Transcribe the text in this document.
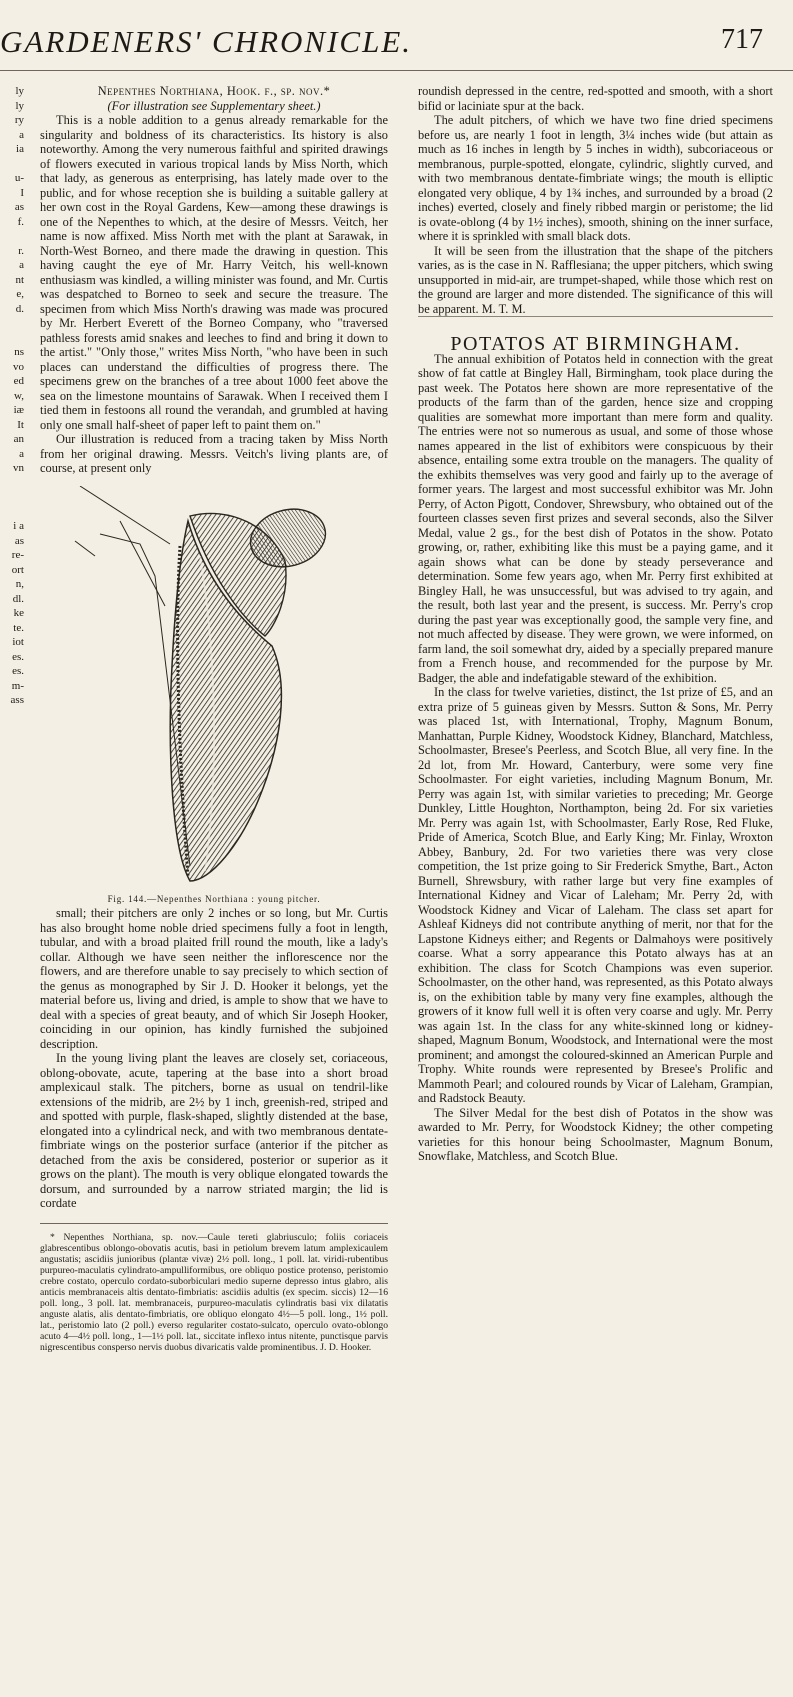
GARDENERS' CHRONICLE.	717
ly
ly
ry
a
ia

u-
I
as
f.

r.
a
nt
e,
d.

ns
vo
ed
w,
iæ
It
an
a
vn

i a
as
re-
ort
n,
dl.
ke
te.
iot
es.
es.
m-
ass

Nepenthes Northiana, Hook. f., sp. nov.*

(For illustration see Supplementary sheet.)

This is a noble addition to a genus already remarkable for the singularity and boldness of its characteristics. Its history is also noteworthy. Among the very numerous faithful and spirited drawings of flowers executed in various tropical lands by Miss North, which that lady, as generous as enterprising, has lately made over to the public, and for whose reception she is building a suitable gallery at her own cost in the Royal Gardens, Kew—among these drawings is one of the Nepenthes to which, at the desire of Messrs. Veitch, her name is now affixed. Miss North met with the plant at Sarawak, in North-West Borneo, and there made the drawing in question. This having caught the eye of Mr. Harry Veitch, his well-known enthusiasm was kindled, a willing minister was found, and Mr. Curtis was despatched to Borneo to seek and secure the treasure. The specimen from which Miss North's drawing was made was procured by Mr. Herbert Everett of the Borneo Company, who "traversed pathless forests amid snakes and leeches to find and bring it down to the artist." "Only those," writes Miss North, "who have been in such places can understand the difficulties of progress there. The specimens grew on the branches of a tree about 1000 feet above the sea on the limestone mountains of Sarawak. When I received them I tied them in festoons all round the verandah, and grumbled at having only one small half-sheet of paper left to paint them on."

Our illustration is reduced from a tracing taken by Miss North from her original drawing. Messrs. Veitch's living plants are, of course, at present only

Fig. 144.—Nepenthes Northiana : young pitcher.

small; their pitchers are only 2 inches or so long, but Mr. Curtis has also brought home noble dried specimens fully a foot in length, tubular, and with a broad plaited frill round the mouth, like a lady's collar. Although we have seen neither the inflorescence nor the flowers, and are therefore unable to say precisely to which section of the genus as monographed by Sir J. D. Hooker it belongs, yet the material before us, living and dried, is ample to show that we have to deal with a species of great beauty, and of which Sir Joseph Hooker, coinciding in our opinion, has kindly furnished the subjoined description.

In the young living plant the leaves are closely set, coriaceous, oblong-obovate, acute, tapering at the base into a short broad amplexicaul stalk. The pitchers, borne as usual on tendril-like extensions of the midrib, are 2½ by 1 inch, greenish-red, striped and and spotted with purple, flask-shaped, slightly distended at the base, elongated into a cylindrical neck, and with two membranous dentate-fimbriate wings on the posterior surface (anterior if the pitcher as detached from the axis be considered, posterior or superior as it grows on the plant). The mouth is very oblique elongated towards the dorsum, and surrounded by a narrow striated margin; the lid is cordate

* Nepenthes Northiana, sp. nov.—Caule tereti glabriusculo; foliis coriaceis glabrescentibus oblongo-obovatis acutis, basi in petiolum brevem latum amplexicaulem angustatis; ascidiis junioribus (plantæ vivæ) 2½ poll. long., 1 poll. lat. viridi-rubentibus purpureo-maculatis cylindrato-ampulliformibus, ore obliquo postice protenso, peristomio crebre costato, operculo cordato-suborbiculari medio superne depresso intus glabro, alis anticis membranaceis altis dentato-fimbriatis: ascidiis adultis (ex specim. siccis) 12—16 poll. long., 3 poll. lat. membranaceis, purpureo-maculatis cylindratis basi vix dilatatis anguste alatis, alis dentato-fimbriatis, ore obliquo elongato 4½—5 poll. long., 1½ poll. lat., peristomio lato (2 poll.) everso regulariter costato-sulcato, operculo ovato-oblongo acuto 4—4½ poll. long., 1—1½ poll. lat., siccitate inflexo intus nitente, punctisque parvis nigrescentibus consperso nervis duobus divaricatis valde prominentibus. J. D. Hooker.

roundish depressed in the centre, red-spotted and smooth, with a short bifid or laciniate spur at the back.

The adult pitchers, of which we have two fine dried specimens before us, are nearly 1 foot in length, 3¼ inches wide (but attain as much as 16 inches in length by 5 inches in width), subcoriaceous or membranous, purple-spotted, elongate, cylindric, slightly curved, and with two membranous dentate-fimbriate wings; the mouth is elliptic elongated very oblique, 4 by 1¾ inches, and surrounded by a broad (2 inches) everted, closely and finely ribbed margin or peristome; the lid is ovate-oblong (4 by 1½ inches), smooth, shining on the inner surface, where it is sprinkled with small black dots.

It will be seen from the illustration that the shape of the pitchers varies, as is the case in N. Rafflesiana; the upper pitchers, which swing unsupported in mid-air, are trumpet-shaped, while those which rest on the ground are larger and more distended. The significance of this will be apparent. M. T. M.

POTATOS AT BIRMINGHAM.

The annual exhibition of Potatos held in connection with the great show of fat cattle at Bingley Hall, Birmingham, took place during the past week. The Potatos here shown are more representative of the products of the farm than of the garden, hence size and cropping qualities are somewhat more important than mere form and quality. The entries were not so numerous as usual, and some of those whose names appeared in the list of exhibitors were conspicuous by their absence, entailing some extra trouble on the managers. The quality of the exhibits themselves was very good and fairly up to the average of former years. The largest and most successful exhibitor was Mr. John Perry, of Acton Pigott, Condover, Shrewsbury, who obtained out of the fourteen classes seven first prizes and several seconds, also the Silver Medal, value 2 gs., for the best dish of Potatos in the show. Potato growing, or, rather, exhibiting like this must be a paying game, and it again shows what can be done by steady perseverance and determination. Some few years ago, when Mr. Perry first exhibited at Bingley Hall, he was unsuccessful, but was advised to try again, and the result, both last year and the present, is success. Mr. Perry's crop during the past year was exceptionally good, the sample very fine, and not much affected by disease. They were grown, we were informed, on farm land, the soil somewhat dry, aided by a specially prepared manure from a French house, and recommended for the purpose by Mr. Badger, the able and indefatigable steward of the exhibition.

In the class for twelve varieties, distinct, the 1st prize of £5, and an extra prize of 5 guineas given by Messrs. Sutton & Sons, Mr. Perry was placed 1st, with International, Trophy, Magnum Bonum, Manhattan, Purple Kidney, Woodstock Kidney, Blanchard, Matchless, Schoolmaster, Bresee's Peerless, and Scotch Blue, all very fine. In the 2d lot, from Mr. Howard, Canterbury, were some very fine Schoolmaster. For eight varieties, including Magnum Bonum, Mr. Perry was again 1st, with similar varieties to preceding; Mr. George Dunkley, Little Houghton, Northampton, being 2d. For six varieties Mr. Perry was again 1st, with Schoolmaster, Early Rose, Red Fluke, Pride of America, Scotch Blue, and Early King; Mr. Finlay, Wroxton Abbey, Banbury, 2d. For two varieties there was very close competition, the 1st prize going to Sir Frederick Smythe, Bart., Acton Burnell, Shrewsbury, with rather large but very fine examples of International Kidney and Vicar of Laleham; Mr. Perry 2d, with Woodstock Kidney and Vicar of Laleham. The class set apart for Ashleaf Kidneys did not contribute anything of merit, nor that for the Lapstone Kidneys either; and Regents or Dalmahoys were positively coarse. What a sorry appearance this Potato always has at an exhibition. The class for Scotch Champions was even superior. Schoolmaster, on the other hand, was represented, as this Potato always is, on the exhibition table by many very fine examples, although the growers of it know full well it is often very coarse and ugly. Mr. Perry was again 1st. In the class for any white-skinned long or kidney-shaped, Magnum Bonum, Woodstock, and International were the most prominent; and amongst the coloured-skinned an American Purple and Trophy. White rounds were represented by Bresee's Prolific and Mammoth Pearl; and coloured rounds by Vicar of Laleham, Grampian, and Radstock Beauty.

The Silver Medal for the best dish of Potatos in the show was awarded to Mr. Perry, for Woodstock Kidney; the other competing varieties for this honour being Schoolmaster, Magnum Bonum, Snowflake, Matchless, and Scotch Blue.
